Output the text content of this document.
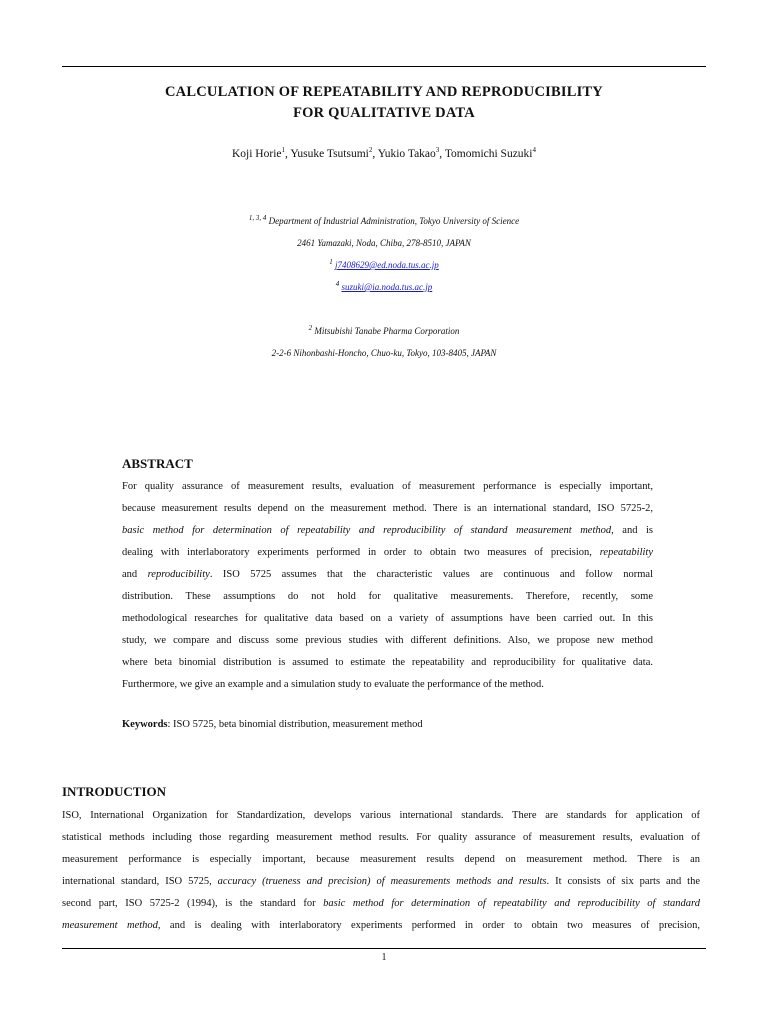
CALCULATION OF REPEATABILITY AND REPRODUCIBILITY
FOR QUALITATIVE DATA
Koji Horie$^1$, Yusuke Tsutsumi$^2$, Yukio Takao$^3$, Tomomichi Suzuki$^4$
$^{1, 3, 4}$ Department of Industrial Administration, Tokyo University of Science
2461 Yamazaki, Noda, Chiba, 278-8510, JAPAN
$^1$ j7408629@ed.noda.tus.ac.jp
$^4$ suzuki@ia.noda.tus.ac.jp
$^2$ Mitsubishi Tanabe Pharma Corporation
2-2-6 Nihonbashi-Honcho, Chuo-ku, Tokyo, 103-8405, JAPAN
ABSTRACT
For quality assurance of measurement results, evaluation of measurement performance is especially important,
because measurement results depend on the measurement method. There is an international standard, ISO 5725-2,
basic method for determination of repeatability and reproducibility of standard measurement method, and is
dealing with interlaboratory experiments performed in order to obtain two measures of precision, repeatability
and reproducibility. ISO 5725 assumes that the characteristic values are continuous and follow normal
distribution. These assumptions do not hold for qualitative measurements. Therefore, recently, some
methodological researches for qualitative data based on a variety of assumptions have been carried out. In this
study, we compare and discuss some previous studies with different definitions. Also, we propose new method
where beta binomial distribution is assumed to estimate the repeatability and reproducibility for qualitative data.
Furthermore, we give an example and a simulation study to evaluate the performance of the method.
Keywords: ISO 5725, beta binomial distribution, measurement method
INTRODUCTION
ISO, International Organization for Standardization, develops various international standards. There are standards for application of
statistical methods including those regarding measurement method results. For quality assurance of measurement results, evaluation of
measurement performance is especially important, because measurement results depend on measurement method. There is an
international standard, ISO 5725, accuracy (trueness and precision) of measurements methods and results. It consists of six parts and the
second part, ISO 5725-2 (1994), is the standard for basic method for determination of repeatability and reproducibility of standard
measurement method, and is dealing with interlaboratory experiments performed in order to obtain two measures of precision,
1
